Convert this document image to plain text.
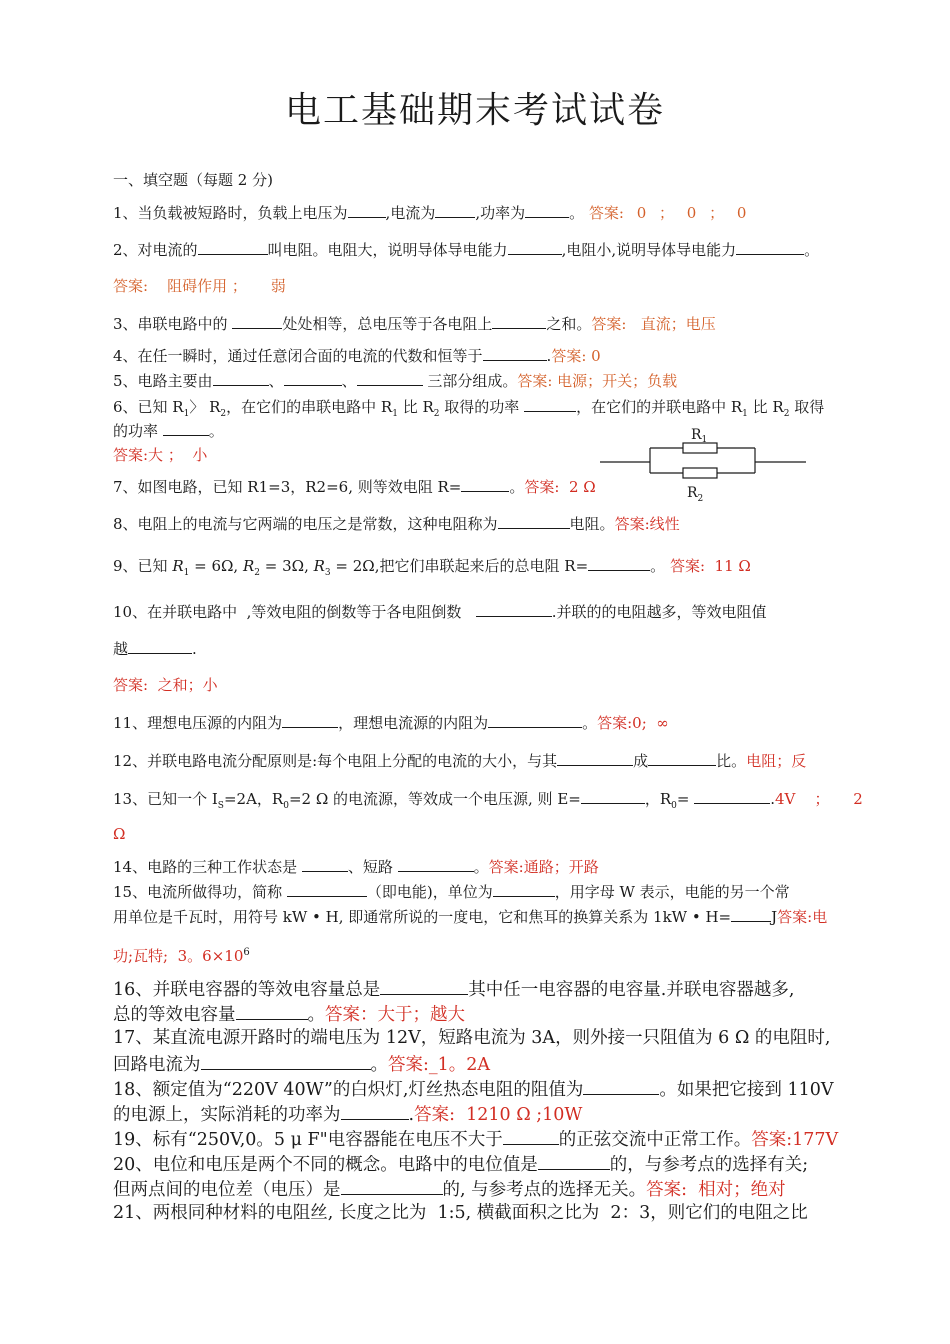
电工基础期末考试试卷
一、填空题（每题 2 分)
1、当负载被短路时，负载上电压为	,电流为	,功率为	。 答案: 0 ； 0 ； 0
2、对电流的	叫电阻。电阻大，说明导体导电能力	,电阻小,说明导体导电能力	。
答案:    阻碍作用 ；     弱
3、串联电路中的	处处相等，总电压等于各电阻上	之和。答案:   直流；电压
4、在任一瞬时，通过任意闭合面的电流的代数和恒等于	.答案: 0
5、电路主要由	、	、	三部分组成。答案: 电源；开关；负载
6、已知 $R_1$〉 $R_2$，在它们的串联电路中 $R_1$ 比 $R_2$ 取得的功率	，在它们的并联电路中 $R_1$ 比 $R_2$ 取得
的功率	。
答案:大 ；  小
$R_1$
$R_2$
7、如图电路，已知 R1=3，R2=6, 则等效电阻 R=	。答案:  2 Ω
8、电阻上的电流与它两端的电压之是常数，这种电阻称为	电阻。答案:线性
9、已知 $R_1 = 6\Omega$, $R_2 = 3\Omega$, $R_3 = 2\Omega$,把它们串联起来后的总电阻 R=	。 答案:  11 Ω
10、在并联电路中  ,等效电阻的倒数等于各电阻倒数	.并联的的电阻越多，等效电阻值
越	.
答案:  之和；小
11、理想电压源的内阻为	，理想电流源的内阻为	。答案:0;  ∞
12、并联电路电流分配原则是:每个电阻上分配的电流的大小，与其	成	比。电阻；反
13、已知一个 $I_S=2A$，$R_0=2$ Ω 的电流源，等效成一个电压源, 则 E=	，$R_0=$	.4V    ；     2
Ω
14、电路的三种工作状态是	、短路	。答案:通路；开路
15、电流所做得功，简称	（即电能)，单位为	，用字母 W 表示，电能的另一个常
用单位是千瓦时，用符号 kW • H, 即通常所说的一度电，它和焦耳的换算关系为 1kW • H=	J答案:电
功;瓦特;  3。$6\times 10^6$
16、并联电容器的等效电容量总是	其中任一电容器的电容量.并联电容器越多,
总的等效电容量	。答案：大于；越大
17、某直流电源开路时的端电压为 12V，短路电流为 3A，则外接一只阻值为 6 Ω 的电阻时,
回路电流为	。答案:_1。2A
18、额定值为“220V 40W”的白炽灯,灯丝热态电阻的阻值为	。如果把它接到 110V
的电源上，实际消耗的功率为	.答案:  1210 Ω ;10W
19、标有“250V,0。5 μ F"电容器能在电压不大于	的正弦交流中正常工作。答案:177V
20、电位和电压是两个不同的概念。电路中的电位值是	的，与参考点的选择有关;
但两点间的电位差（电压）是	的, 与参考点的选择无关。答案:  相对；绝对
21、两根同种材料的电阻丝, 长度之比为  1:5, 横截面积之比为  2：3，则它们的电阻之比
